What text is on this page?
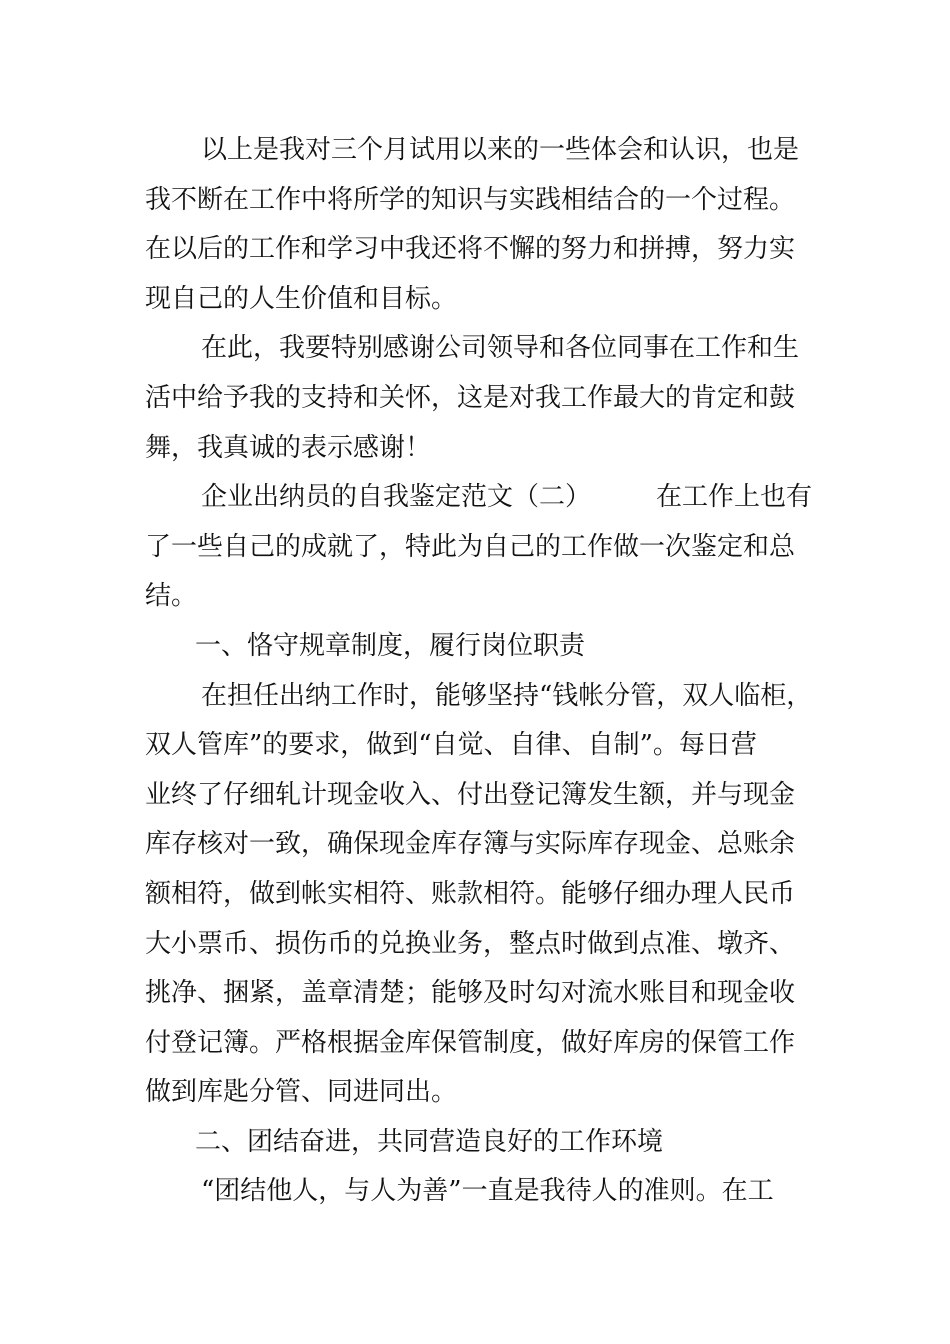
以上是我对三个月试用以来的一些体会和认识，也是
我不断在工作中将所学的知识与实践相结合的一个过程。
在以后的工作和学习中我还将不懈的努力和拼搏，努力实
现自己的人生价值和目标。
在此，我要特别感谢公司领导和各位同事在工作和生
活中给予我的支持和关怀，这是对我工作最大的肯定和鼓
舞，我真诚的表示感谢！
企业出纳员的自我鉴定范文（二）　　　在工作上也有
了一些自己的成就了，特此为自己的工作做一次鉴定和总
结。
一、恪守规章制度，履行岗位职责
在担任出纳工作时，能够坚持“钱帐分管，双人临柜，
双人管库”的要求，做到“自觉、自律、自制”。每日营
业终了仔细轧计现金收入、付出登记簿发生额，并与现金
库存核对一致，确保现金库存簿与实际库存现金、总账余
额相符，做到帐实相符、账款相符。能够仔细办理人民币
大小票币、损伤币的兑换业务，整点时做到点准、墩齐、
挑净、捆紧，盖章清楚；能够及时勾对流水账目和现金收
付登记簿。严格根据金库保管制度，做好库房的保管工作
做到库匙分管、同进同出。
二、团结奋进，共同营造良好的工作环境
“团结他人，与人为善”一直是我待人的准则。在工
